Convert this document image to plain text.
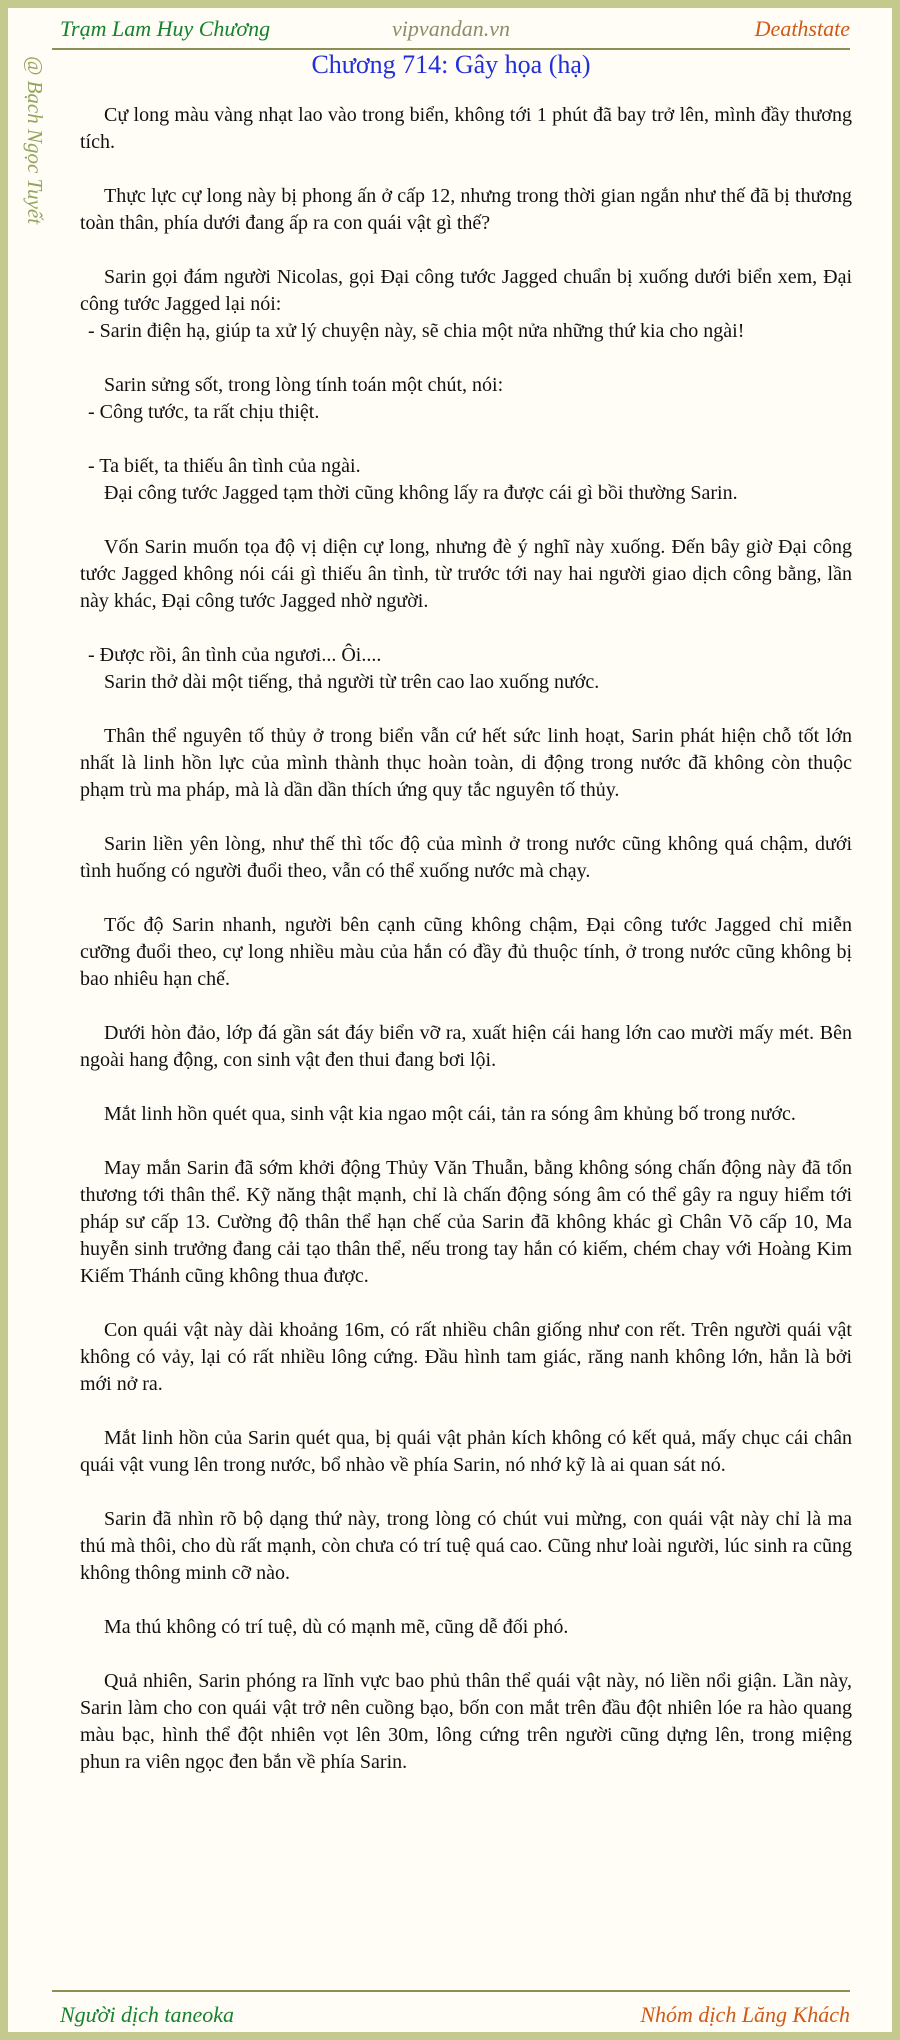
Trạm Lam Huy Chương	vipvandan.vn	Deathstate
@ Bạch Ngọc Tuyết	Chương 714: Gây họa (hạ)

Cự long màu vàng nhạt lao vào trong biển, không tới 1 phút đã bay trở lên, mình đầy thương tích.

Thực lực cự long này bị phong ấn ở cấp 12, nhưng trong thời gian ngắn như thế đã bị thương toàn thân, phía dưới đang ấp ra con quái vật gì thế?

Sarin gọi đám người Nicolas, gọi Đại công tước Jagged chuẩn bị xuống dưới biển xem, Đại công tước Jagged lại nói:

- Sarin điện hạ, giúp ta xử lý chuyện này, sẽ chia một nửa những thứ kia cho ngài!

Sarin sửng sốt, trong lòng tính toán một chút, nói:

- Công tước, ta rất chịu thiệt.

- Ta biết, ta thiếu ân tình của ngài.

Đại công tước Jagged tạm thời cũng không lấy ra được cái gì bồi thường Sarin.

Vốn Sarin muốn tọa độ vị diện cự long, nhưng đè ý nghĩ này xuống. Đến bây giờ Đại công tước Jagged không nói cái gì thiếu ân tình, từ trước tới nay hai người giao dịch công bằng, lần này khác, Đại công tước Jagged nhờ người.

- Được rồi, ân tình của ngươi... Ôi....

Sarin thở dài một tiếng, thả người từ trên cao lao xuống nước.

Thân thể nguyên tố thủy ở trong biển vẫn cứ hết sức linh hoạt, Sarin phát hiện chỗ tốt lớn nhất là linh hồn lực của mình thành thục hoàn toàn, di động trong nước đã không còn thuộc phạm trù ma pháp, mà là dần dần thích ứng quy tắc nguyên tố thủy.

Sarin liền yên lòng, như thế thì tốc độ của mình ở trong nước cũng không quá chậm, dưới tình huống có người đuổi theo, vẫn có thể xuống nước mà chạy.

Tốc độ Sarin nhanh, người bên cạnh cũng không chậm, Đại công tước Jagged chỉ miễn cưỡng đuổi theo, cự long nhiều màu của hắn có đầy đủ thuộc tính, ở trong nước cũng không bị bao nhiêu hạn chế.

Dưới hòn đảo, lớp đá gần sát đáy biển vỡ ra, xuất hiện cái hang lớn cao mười mấy mét. Bên ngoài hang động, con sinh vật đen thui đang bơi lội.

Mắt linh hồn quét qua, sinh vật kia ngao một cái, tản ra sóng âm khủng bố trong nước.

May mắn Sarin đã sớm khởi động Thủy Văn Thuẫn, bằng không sóng chấn động này đã tổn thương tới thân thể. Kỹ năng thật mạnh, chỉ là chấn động sóng âm có thể gây ra nguy hiểm tới pháp sư cấp 13. Cường độ thân thể hạn chế của Sarin đã không khác gì Chân Võ cấp 10, Ma huyễn sinh trưởng đang cải tạo thân thể, nếu trong tay hắn có kiếm, chém chay với Hoàng Kim Kiếm Thánh cũng không thua được.

Con quái vật này dài khoảng 16m, có rất nhiều chân giống như con rết. Trên người quái vật không có vảy, lại có rất nhiều lông cứng. Đầu hình tam giác, răng nanh không lớn, hẳn là bởi mới nở ra.

Mắt linh hồn của Sarin quét qua, bị quái vật phản kích không có kết quả, mấy chục cái chân quái vật vung lên trong nước, bổ nhào về phía Sarin, nó nhớ kỹ là ai quan sát nó.

Sarin đã nhìn rõ bộ dạng thứ này, trong lòng có chút vui mừng, con quái vật này chỉ là ma thú mà thôi, cho dù rất mạnh, còn chưa có trí tuệ quá cao. Cũng như loài người, lúc sinh ra cũng không thông minh cỡ nào.

Ma thú không có trí tuệ, dù có mạnh mẽ, cũng dễ đối phó.

Quả nhiên, Sarin phóng ra lĩnh vực bao phủ thân thể quái vật này, nó liền nổi giận. Lần này, Sarin làm cho con quái vật trở nên cuồng bạo, bốn con mắt trên đầu đột nhiên lóe ra hào quang màu bạc, hình thể đột nhiên vọt lên 30m, lông cứng trên người cũng dựng lên, trong miệng phun ra viên ngọc đen bắn về phía Sarin.

Người dịch taneoka	Nhóm dịch Lăng Khách
